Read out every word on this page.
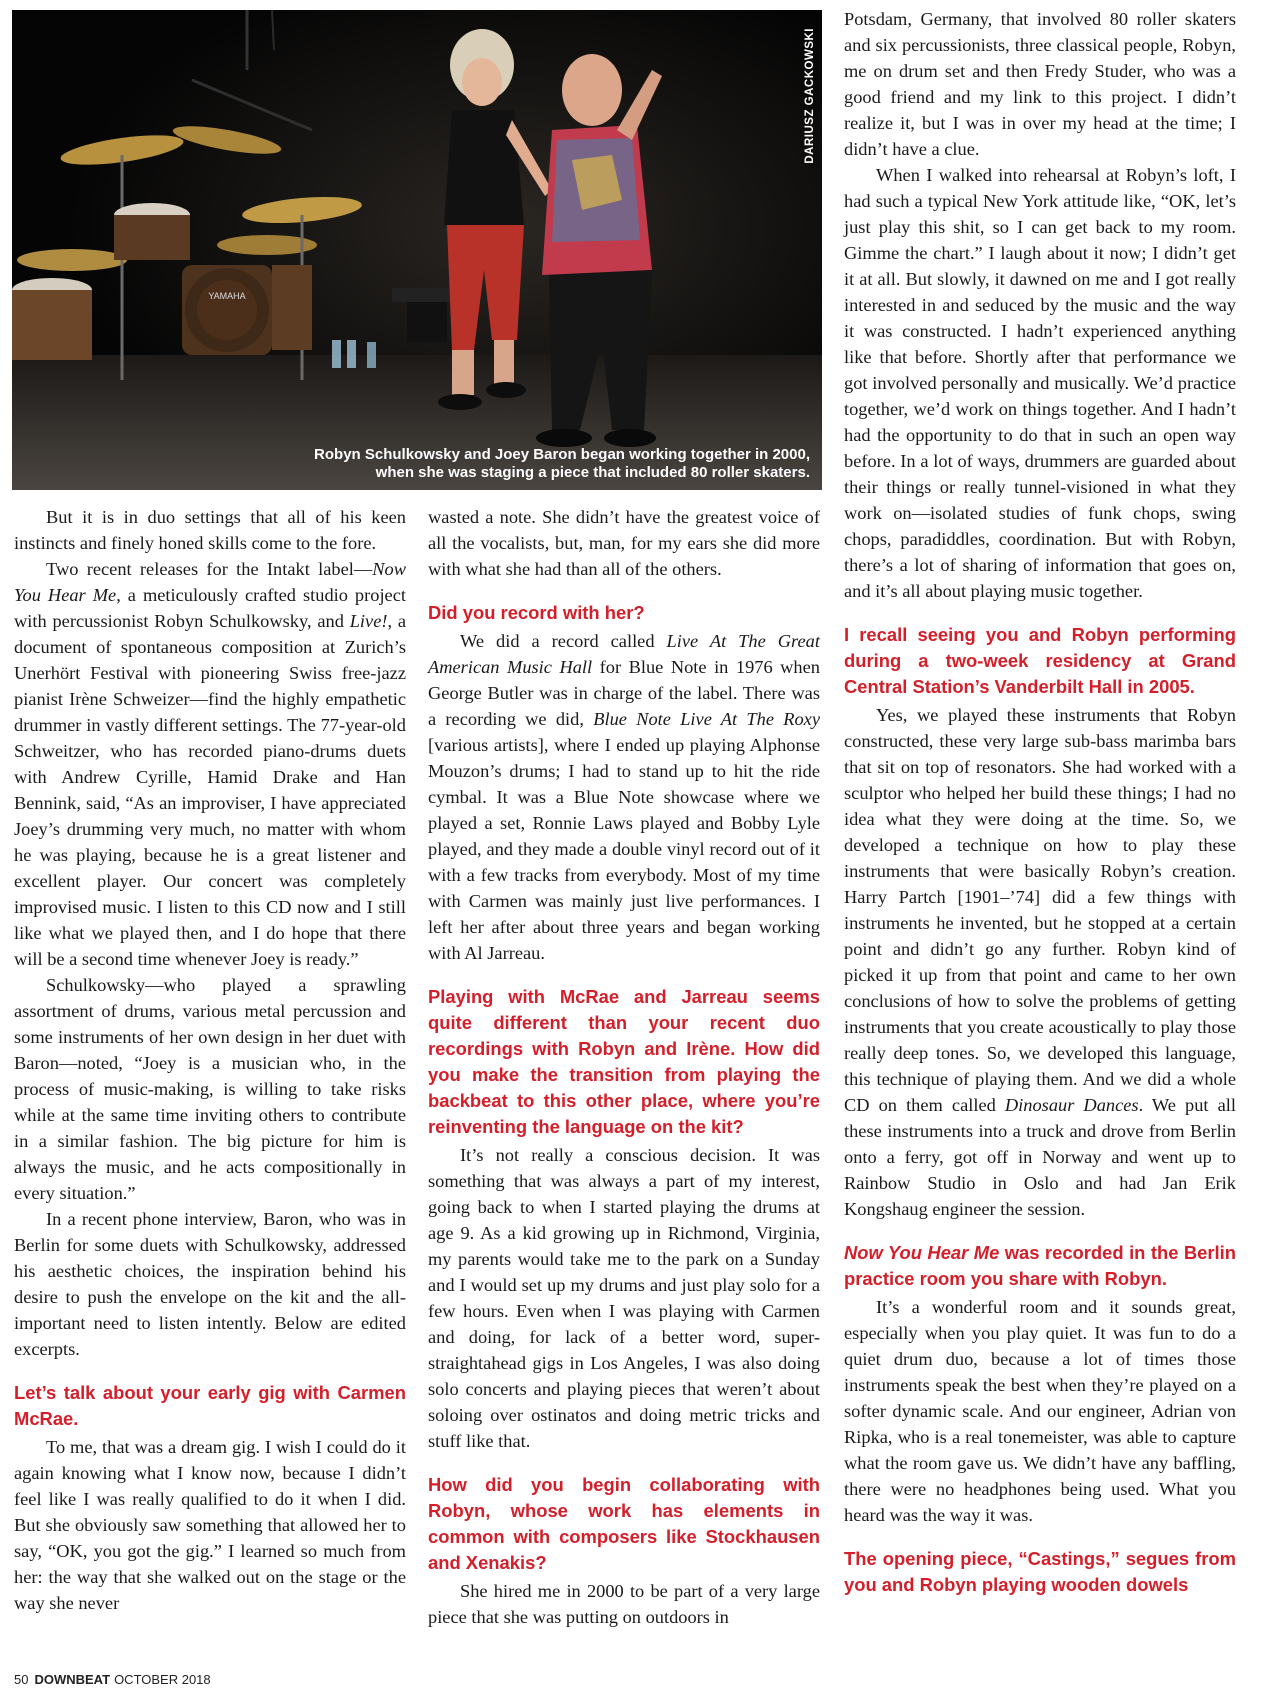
YAMAHA
DARIUSZ GACKOWSKI
Robyn Schulkowsky and Joey Baron began working together in 2000,
when she was staging a piece that included 80 roller skaters.

But it is in duo settings that all of his keen instincts and finely honed skills come to the fore.

Two recent releases for the Intakt label—Now You Hear Me, a meticulously crafted studio project with percussionist Robyn Schulkowsky, and Live!, a document of spontaneous composition at Zurich’s Unerhört Festival with pioneering Swiss free-jazz pianist Irène Schweizer—find the highly empathetic drummer in vastly different settings. The 77-year-old Schweitzer, who has recorded piano-drums duets with Andrew Cyrille, Hamid Drake and Han Bennink, said, “As an improviser, I have appreciated Joey’s drumming very much, no matter with whom he was playing, because he is a great listener and excellent player. Our concert was completely improvised music. I listen to this CD now and I still like what we played then, and I do hope that there will be a second time whenever Joey is ready.”

Schulkowsky—who played a sprawling assortment of drums, various metal percussion and some instruments of her own design in her duet with Baron—noted, “Joey is a musician who, in the process of music-making, is willing to take risks while at the same time inviting others to contribute in a similar fashion. The big picture for him is always the music, and he acts compositionally in every situation.”

In a recent phone interview, Baron, who was in Berlin for some duets with Schulkowsky, addressed his aesthetic choices, the inspiration behind his desire to push the envelope on the kit and the all-important need to listen intently. Below are edited excerpts.

Let’s talk about your early gig with Carmen McRae.

To me, that was a dream gig. I wish I could do it again knowing what I know now, because I didn’t feel like I was really qualified to do it when I did. But she obviously saw something that allowed her to say, “OK, you got the gig.” I learned so much from her: the way that she walked out on the stage or the way she never

wasted a note. She didn’t have the greatest voice of all the vocalists, but, man, for my ears she did more with what she had than all of the others.

Did you record with her?

We did a record called Live At The Great American Music Hall for Blue Note in 1976 when George Butler was in charge of the label. There was a recording we did, Blue Note Live At The Roxy [various artists], where I ended up playing Alphonse Mouzon’s drums; I had to stand up to hit the ride cymbal. It was a Blue Note showcase where we played a set, Ronnie Laws played and Bobby Lyle played, and they made a double vinyl record out of it with a few tracks from everybody. Most of my time with Carmen was mainly just live performances. I left her after about three years and began working with Al Jarreau.

Playing with McRae and Jarreau seems quite different than your recent duo recordings with Robyn and Irène. How did you make the transition from playing the backbeat to this other place, where you’re reinventing the language on the kit?

It’s not really a conscious decision. It was something that was always a part of my interest, going back to when I started playing the drums at age 9. As a kid growing up in Richmond, Virginia, my parents would take me to the park on a Sunday and I would set up my drums and just play solo for a few hours. Even when I was playing with Carmen and doing, for lack of a better word, super-straightahead gigs in Los Angeles, I was also doing solo concerts and playing pieces that weren’t about soloing over ostinatos and doing metric tricks and stuff like that.

How did you begin collaborating with Robyn, whose work has elements in common with composers like Stockhausen and Xenakis?

She hired me in 2000 to be part of a very large piece that she was putting on outdoors in

Potsdam, Germany, that involved 80 roller skaters and six percussionists, three classical people, Robyn, me on drum set and then Fredy Studer, who was a good friend and my link to this project. I didn’t realize it, but I was in over my head at the time; I didn’t have a clue.

When I walked into rehearsal at Robyn’s loft, I had such a typical New York attitude like, “OK, let’s just play this shit, so I can get back to my room. Gimme the chart.” I laugh about it now; I didn’t get it at all. But slowly, it dawned on me and I got really interested in and seduced by the music and the way it was constructed. I hadn’t experienced anything like that before. Shortly after that performance we got involved personally and musically. We’d practice together, we’d work on things together. And I hadn’t had the opportunity to do that in such an open way before. In a lot of ways, drummers are guarded about their things or really tunnel-visioned in what they work on—isolated studies of funk chops, swing chops, paradiddles, coordination. But with Robyn, there’s a lot of sharing of information that goes on, and it’s all about playing music together.

I recall seeing you and Robyn performing during a two-week residency at Grand Central Station’s Vanderbilt Hall in 2005.

Yes, we played these instruments that Robyn constructed, these very large sub-bass marimba bars that sit on top of resonators. She had worked with a sculptor who helped her build these things; I had no idea what they were doing at the time. So, we developed a technique on how to play these instruments that were basically Robyn’s creation. Harry Partch [1901–’74] did a few things with instruments he invented, but he stopped at a certain point and didn’t go any further. Robyn kind of picked it up from that point and came to her own conclusions of how to solve the problems of getting instruments that you create acoustically to play those really deep tones. So, we developed this language, this technique of playing them. And we did a whole CD on them called Dinosaur Dances. We put all these instruments into a truck and drove from Berlin onto a ferry, got off in Norway and went up to Rainbow Studio in Oslo and had Jan Erik Kongshaug engineer the session.

Now You Hear Me was recorded in the Berlin practice room you share with Robyn.

It’s a wonderful room and it sounds great, especially when you play quiet. It was fun to do a quiet drum duo, because a lot of times those instruments speak the best when they’re played on a softer dynamic scale. And our engineer, Adrian von Ripka, who is a real tonemeister, was able to capture what the room gave us. We didn’t have any baffling, there were no headphones being used. What you heard was the way it was.

The opening piece, “Castings,” segues from you and Robyn playing wooden dowels
50 DOWNBEAT OCTOBER 2018
